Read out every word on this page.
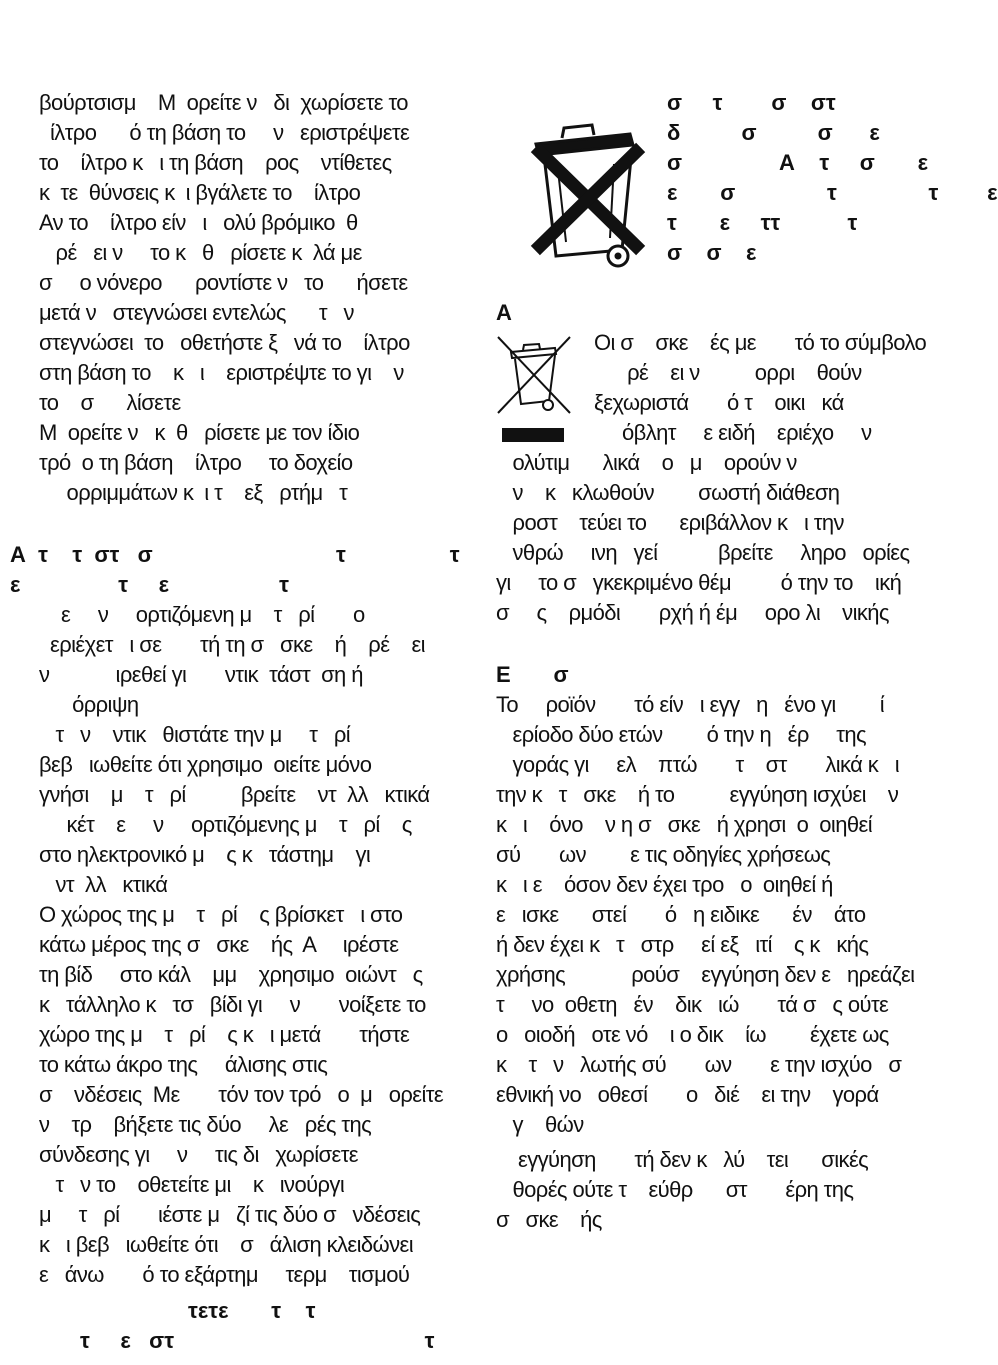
βούρτσισμ    Μ  ορείτε ν   δι  χωρίσετε το
ίλτρο      ό τη βάση το     ν   εριστρέψετε
το    ίλτρο κ   ι τη βάση    ρος    ντίθετες
κ  τε  θύνσεις κ  ι βγάλετε το    ίλτρο
Αν το    ίλτρο είν   ι   ολύ βρόμικο  θ
ρέ   ει ν     το κ   θ   ρίσετε κ  λά με
σ     ο νόνερο      ροντίστε ν   το      ήσετε
μετά ν   στεγνώσει εντελώς      τ   ν
στεγνώσει  το   οθετήστε ξ   νά το    ίλτρο
στη βάση το    κ   ι    εριστρέψτε το γι    ν
το    σ      λίσετε
Μ  ορείτε ν   κ  θ   ρίσετε με τον ίδιο
τρό  ο τη βάση    ίλτρο     το δοχείο
ορριμμάτων κ  ι τ    εξ   ρτήμ   τ
Α  τ    τ  στ   σ                              τ                 τ
ε                τ     ε                  τ
ε     ν     ορτιζόμενη μ    τ   ρί       ο
εριέχετ   ι σε       τή τη σ   σκε    ή    ρέ    ει
ν            ιρεθεί γι       ντικ  τάστ  ση ή
όρριψη
τ   ν    ντικ   θιστάτε την μ     τ   ρί
βεβ   ιωθείτε ότι χρησιμο  οιείτε μόνο
γνήσι    μ    τ   ρί          βρείτε    ντ  λλ   κτικά
κέτ    ε     ν     ορτιζόμενης μ    τ   ρί    ς
στο ηλεκτρονικό μ    ς κ   τάστημ    γι
ντ  λλ   κτικά
Ο χώρος της μ    τ   ρί    ς βρίσκετ   ι στο
κάτω μέρος της σ   σκε    ής  Α     ιρέστε
τη βίδ     στο κάλ    μμ    χρησιμο  οιώντ   ς
κ   τάλληλο κ   τσ   βίδι γι     ν       νοίξετε το
χώρο της μ    τ   ρί    ς κ   ι μετά       τήστε
το κάτω άκρο της     άλισης στις
σ    νδέσεις  Με       τόν τον τρό   ο  μ   ορείτε
ν    τρ    βήξετε τις δύο     λε   ρές της
σύνδεσης γι     ν     τις δι   χωρίσετε
τ   ν το    οθετείτε μι    κ   ινούργι
μ     τ   ρί       ιέστε μ   ζί τις δύο σ   νδέσεις
κ   ι βεβ   ιωθείτε ότι    σ   άλιση κλειδώνει
ε   άνω       ό το εξάρτημ     τερμ    τισμού
τετε       τ    τ
τ     ε   στ                                         τ
σ     τ        σ    στ
δ          σ          σ      ε
σ                Α    τ     σ       ε
ε       σ               τ               τ        ε
τ       ε     ττ           τ
σ    σ    ε
Α
Οι σ    σκε    ές με       τό το σύμβολο
ρέ    ει ν          ορρι    θούν
ξεχωριστά       ό τ    οικι   κά
όβλητ     ε ειδή    εριέχο     ν
ολύτιμ      λικά    ο   μ    ορούν ν
ν    κ   κλωθούν        σωστή διάθεση
ροστ    τεύει το      εριβάλλον κ   ι την
νθρώ     ινη   γεί           βρείτε     ληρο   ορίες
γι     το σ   γκεκριμένο θέμ         ό την το    ική
σ     ς    ρμόδι       ρχή ή έμ     ορο λι    νικής
Ε       σ
Το     ροϊόν       τό είν   ι εγγ   η   ένο γι        ί
ερίοδο δύο ετών        ό την η   έρ     της
γοράς γι     ελ    πτώ       τ    στ       λικά κ   ι
την κ   τ   σκε    ή το          εγγύηση ισχύει    ν
κ   ι    όνο    ν η σ   σκε   ή χρησι  ο  οιηθεί
σύ       ων        ε τις οδηγίες χρήσεως
κ   ι ε    όσον δεν έχει τρο   ο  οιηθεί ή
ε   ισκε      στεί       ό   η ειδικε      έν    άτο
ή δεν έχει κ   τ   στρ     εί εξ   ιτί    ς κ   κής
χρήσης            ρούσ    εγγύηση δεν ε   ηρεάζει
τ     νο  οθετη   έν    δικ   ιώ       τά σ   ς ούτε
ο   οιοδή   οτε νό    ι ο δικ    ίω        έχετε ως
κ    τ   ν   λωτής σύ       ων       ε την ισχύο   σ
εθνική νο   οθεσί       ο   διέ    ει την    γορά
γ    θών
εγγύηση       τή δεν κ   λύ    τει      σικές
θορές ούτε τ    εύθρ      στ       έρη της
σ   σκε    ής
